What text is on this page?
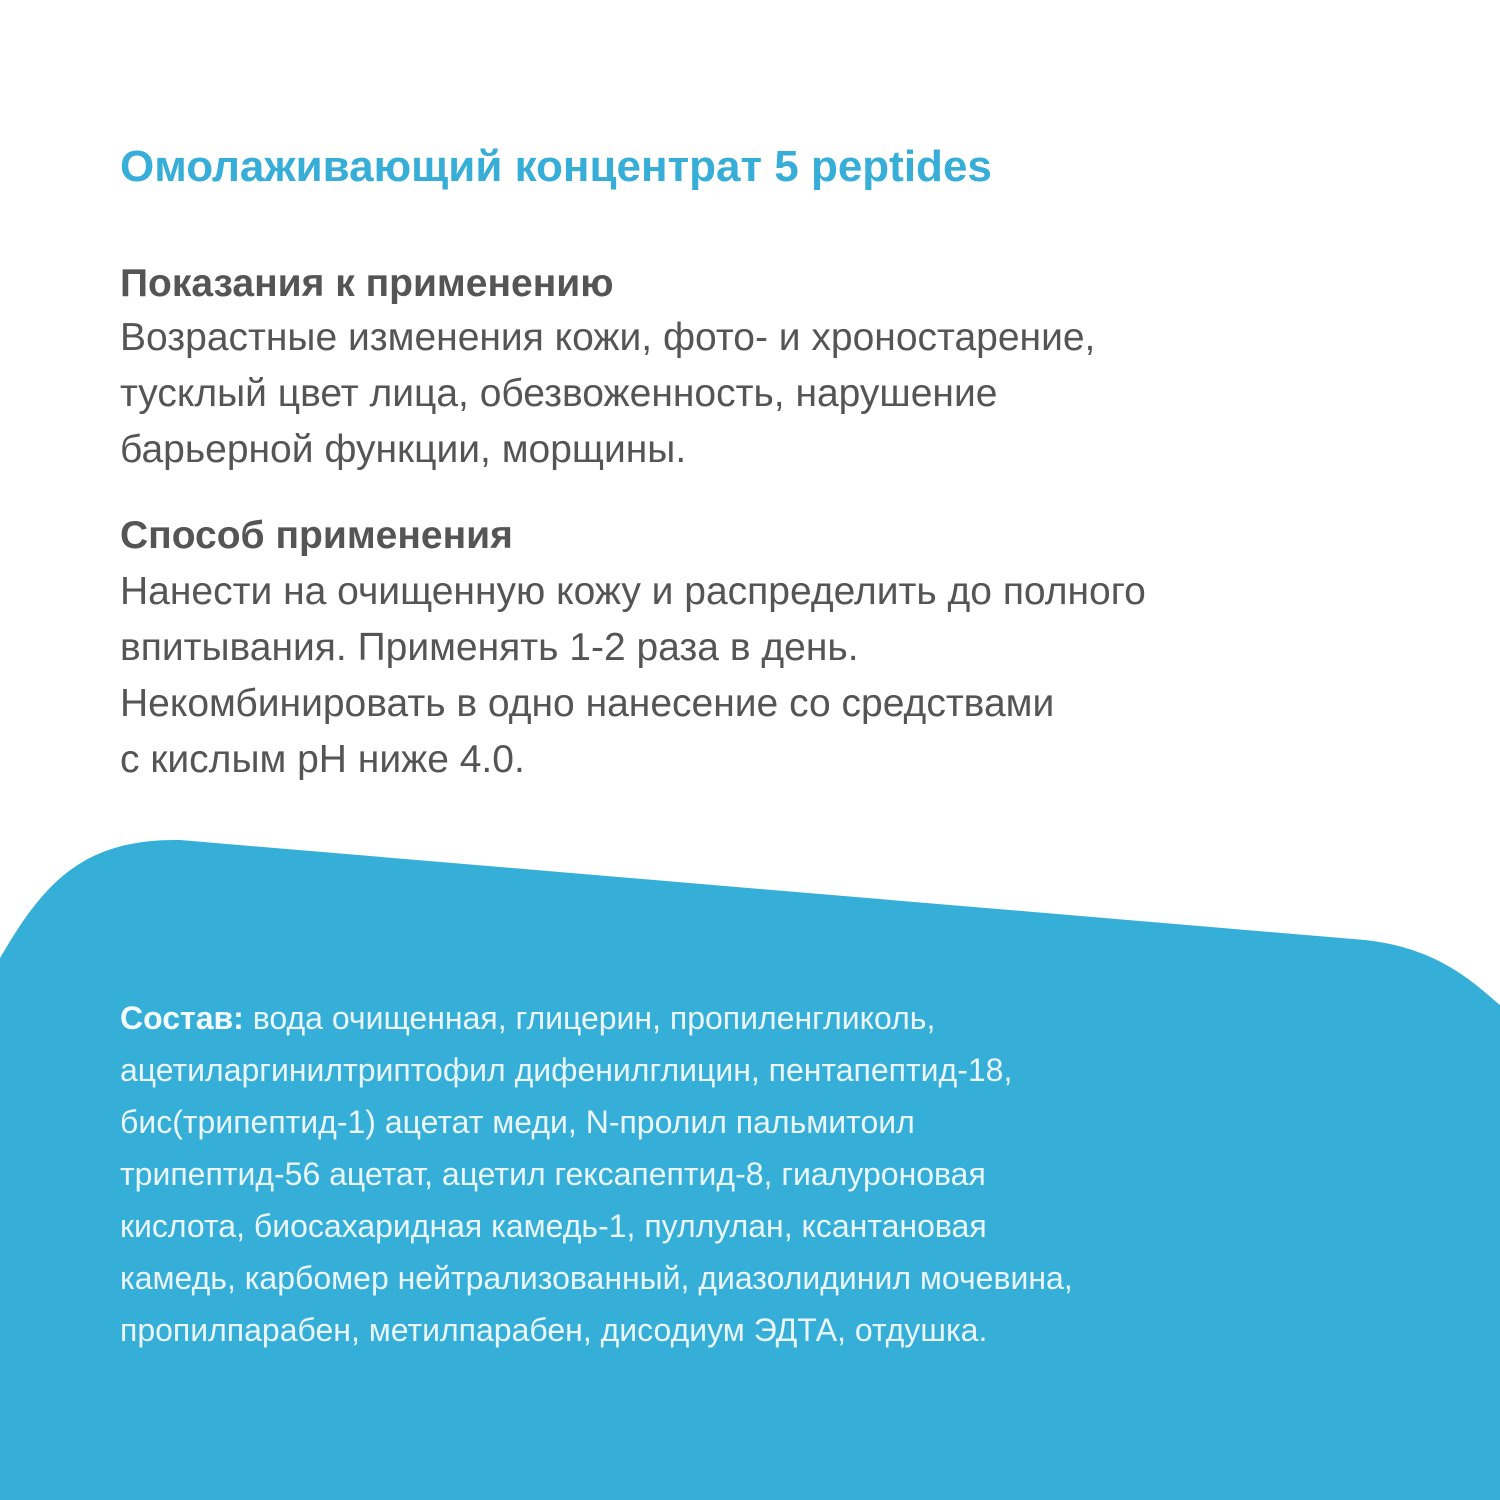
Омолаживающий концентрат 5 peptides
Показания к применению
Возрастные изменения кожи, фото- и хроностарение,
тусклый цвет лица, обезвоженность, нарушение
барьерной функции, морщины.
Способ применения
Нанести на очищенную кожу и распределить до полного
впитывания. Применять 1-2 раза в день.
Некомбинировать в одно нанесение со средствами
с кислым pH ниже 4.0.
Состав: вода очищенная, глицерин, пропиленгликоль,
ацетиларгинилтриптофил дифенилглицин, пентапептид-18,
бис(трипептид-1) ацетат меди, N-пролил пальмитоил
трипептид-56 ацетат, ацетил гексапептид-8, гиалуроновая
кислота, биосахаридная камедь-1, пуллулан, ксантановая
камедь, карбомер нейтрализованный, диазолидинил мочевина,
пропилпарабен, метилпарабен, дисодиум ЭДТА, отдушка.
